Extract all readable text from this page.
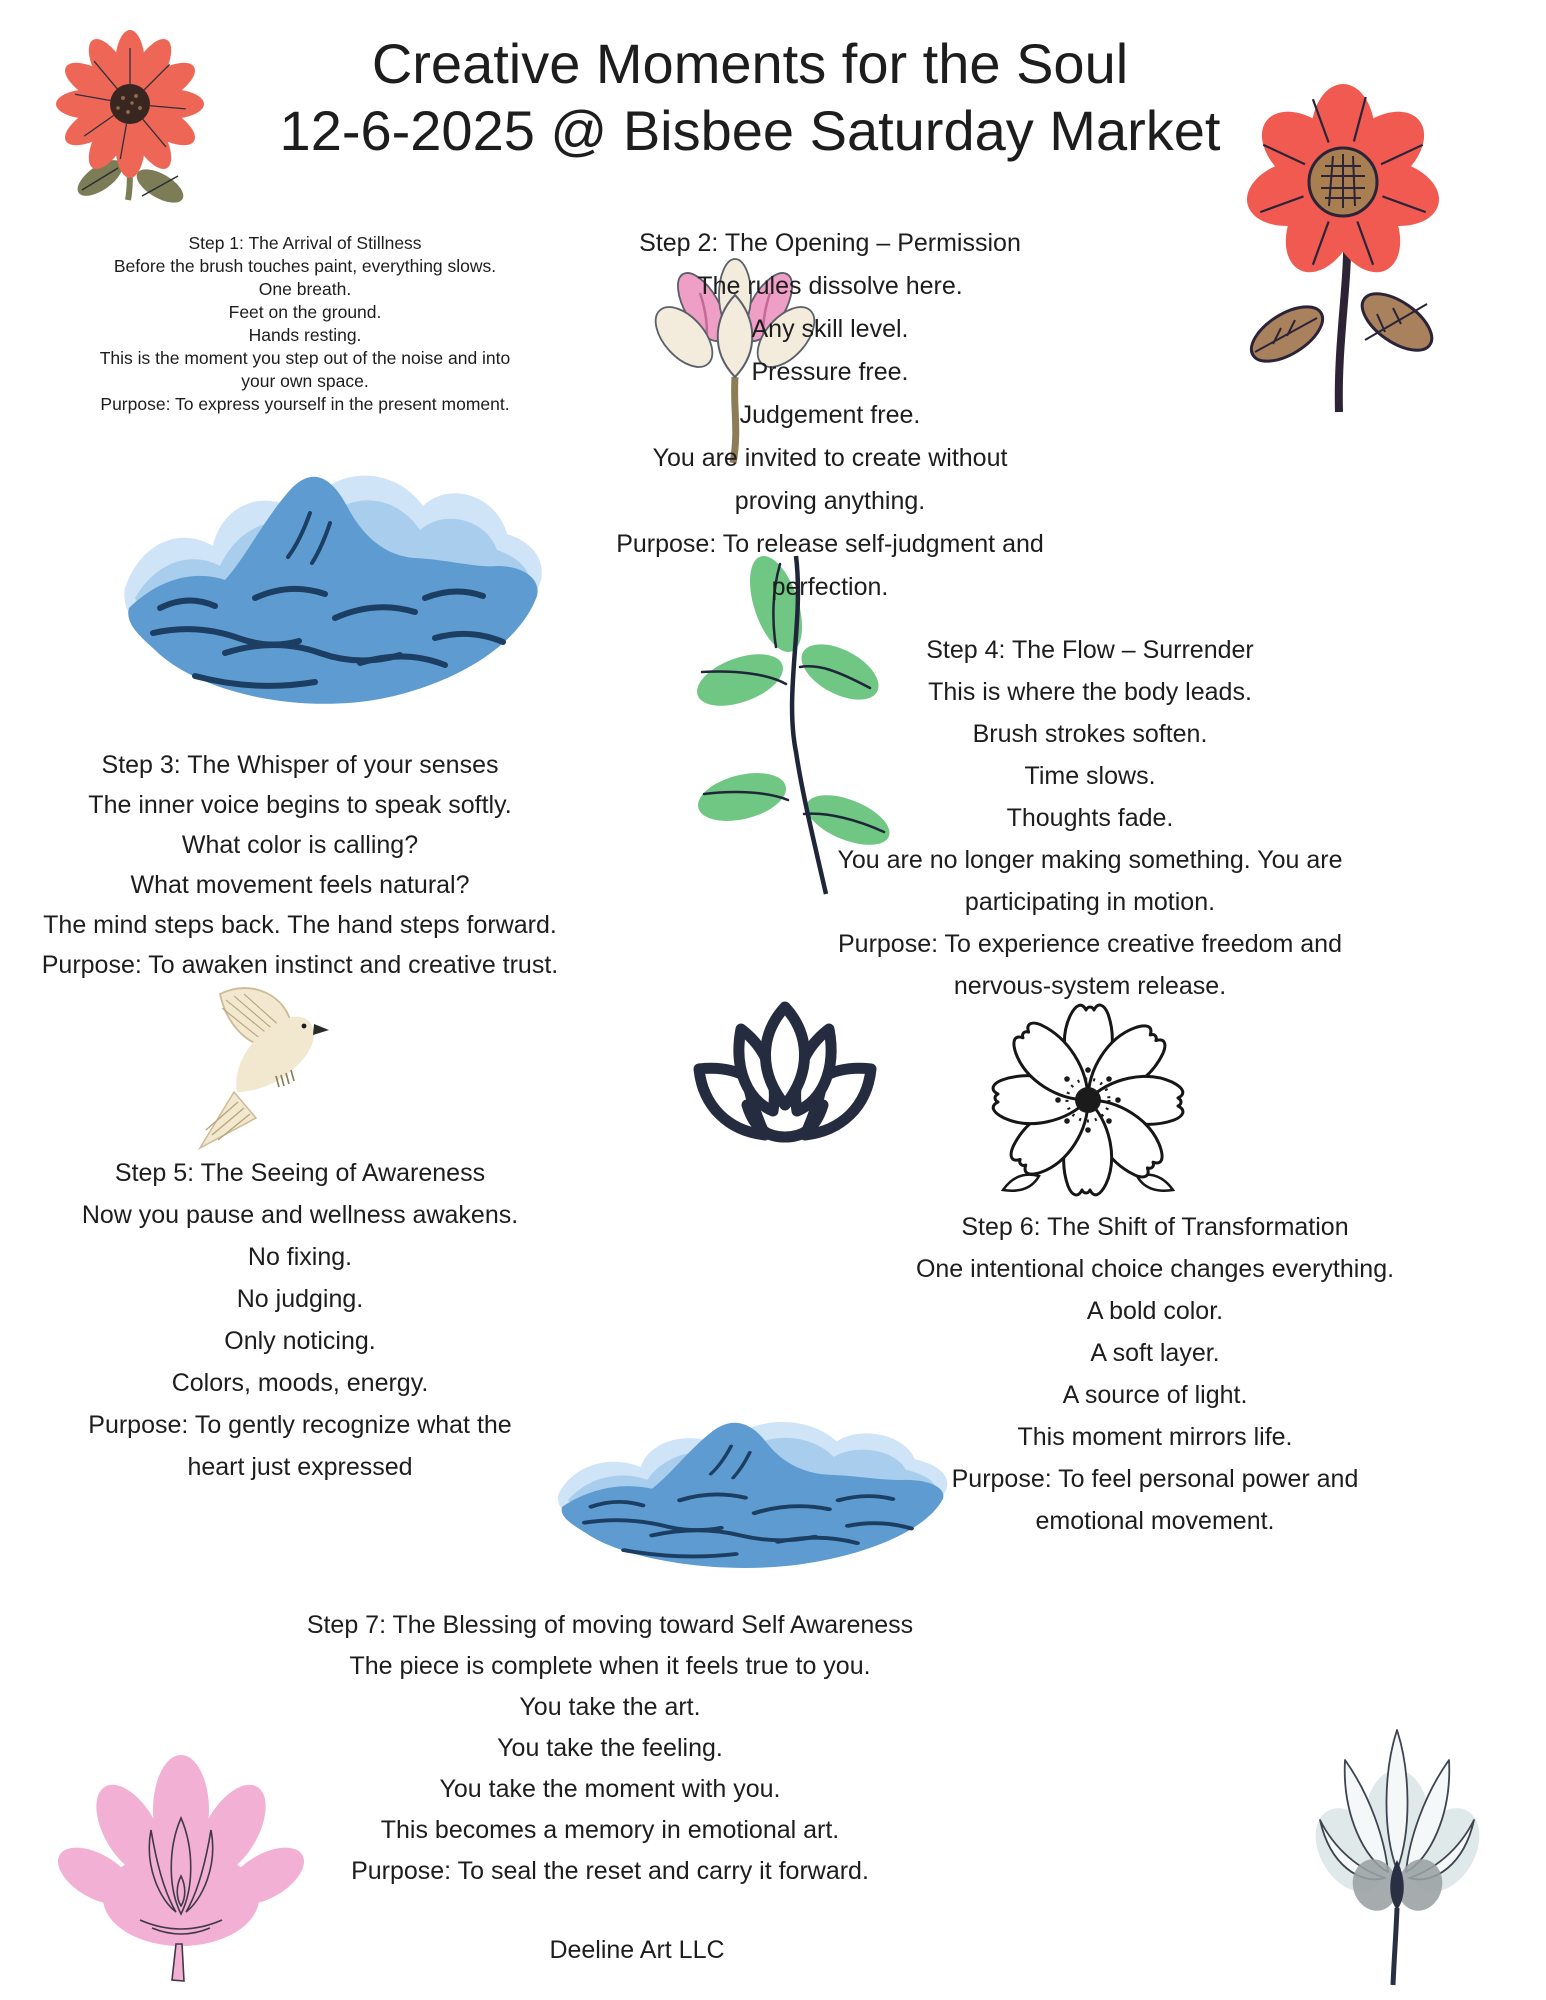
Creative Moments for the Soul
12-6-2025 @ Bisbee Saturday Market
Step 1: The Arrival of Stillness
Before the brush touches paint, everything slows.
One breath.
Feet on the ground.
Hands resting.
This is the moment you step out of the noise and into
your own space.
Purpose: To express yourself in the present moment.
Step 2: The Opening – Permission
The rules dissolve here.
Any skill level.
Pressure free.
Judgement free.
You are invited to create without
proving anything.
Purpose: To release self-judgment and
perfection.
Step 3: The Whisper of your senses
The inner voice begins to speak softly.
What color is calling?
What movement feels natural?
The mind steps back. The hand steps forward.
Purpose: To awaken instinct and creative trust.
Step 4: The Flow – Surrender
This is where the body leads.
Brush strokes soften.
Time slows.
Thoughts fade.
You are no longer making something. You are
participating in motion.
Purpose: To experience creative freedom and
nervous-system release.
Step 5: The Seeing of Awareness
Now you pause and wellness awakens.
No fixing.
No judging.
Only noticing.
Colors, moods, energy.
Purpose: To gently recognize what the
heart just expressed
Step 6: The Shift of Transformation
One intentional choice changes everything.
A bold color.
A soft layer.
A source of light.
This moment mirrors life.
Purpose: To feel personal power and
emotional movement.
Step 7: The Blessing of moving toward Self Awareness
The piece is complete when it feels true to you.
You take the art.
You take the feeling.
You take the moment with you.
This becomes a memory in emotional art.
Purpose: To seal the reset and carry it forward.
Deeline Art LLC
